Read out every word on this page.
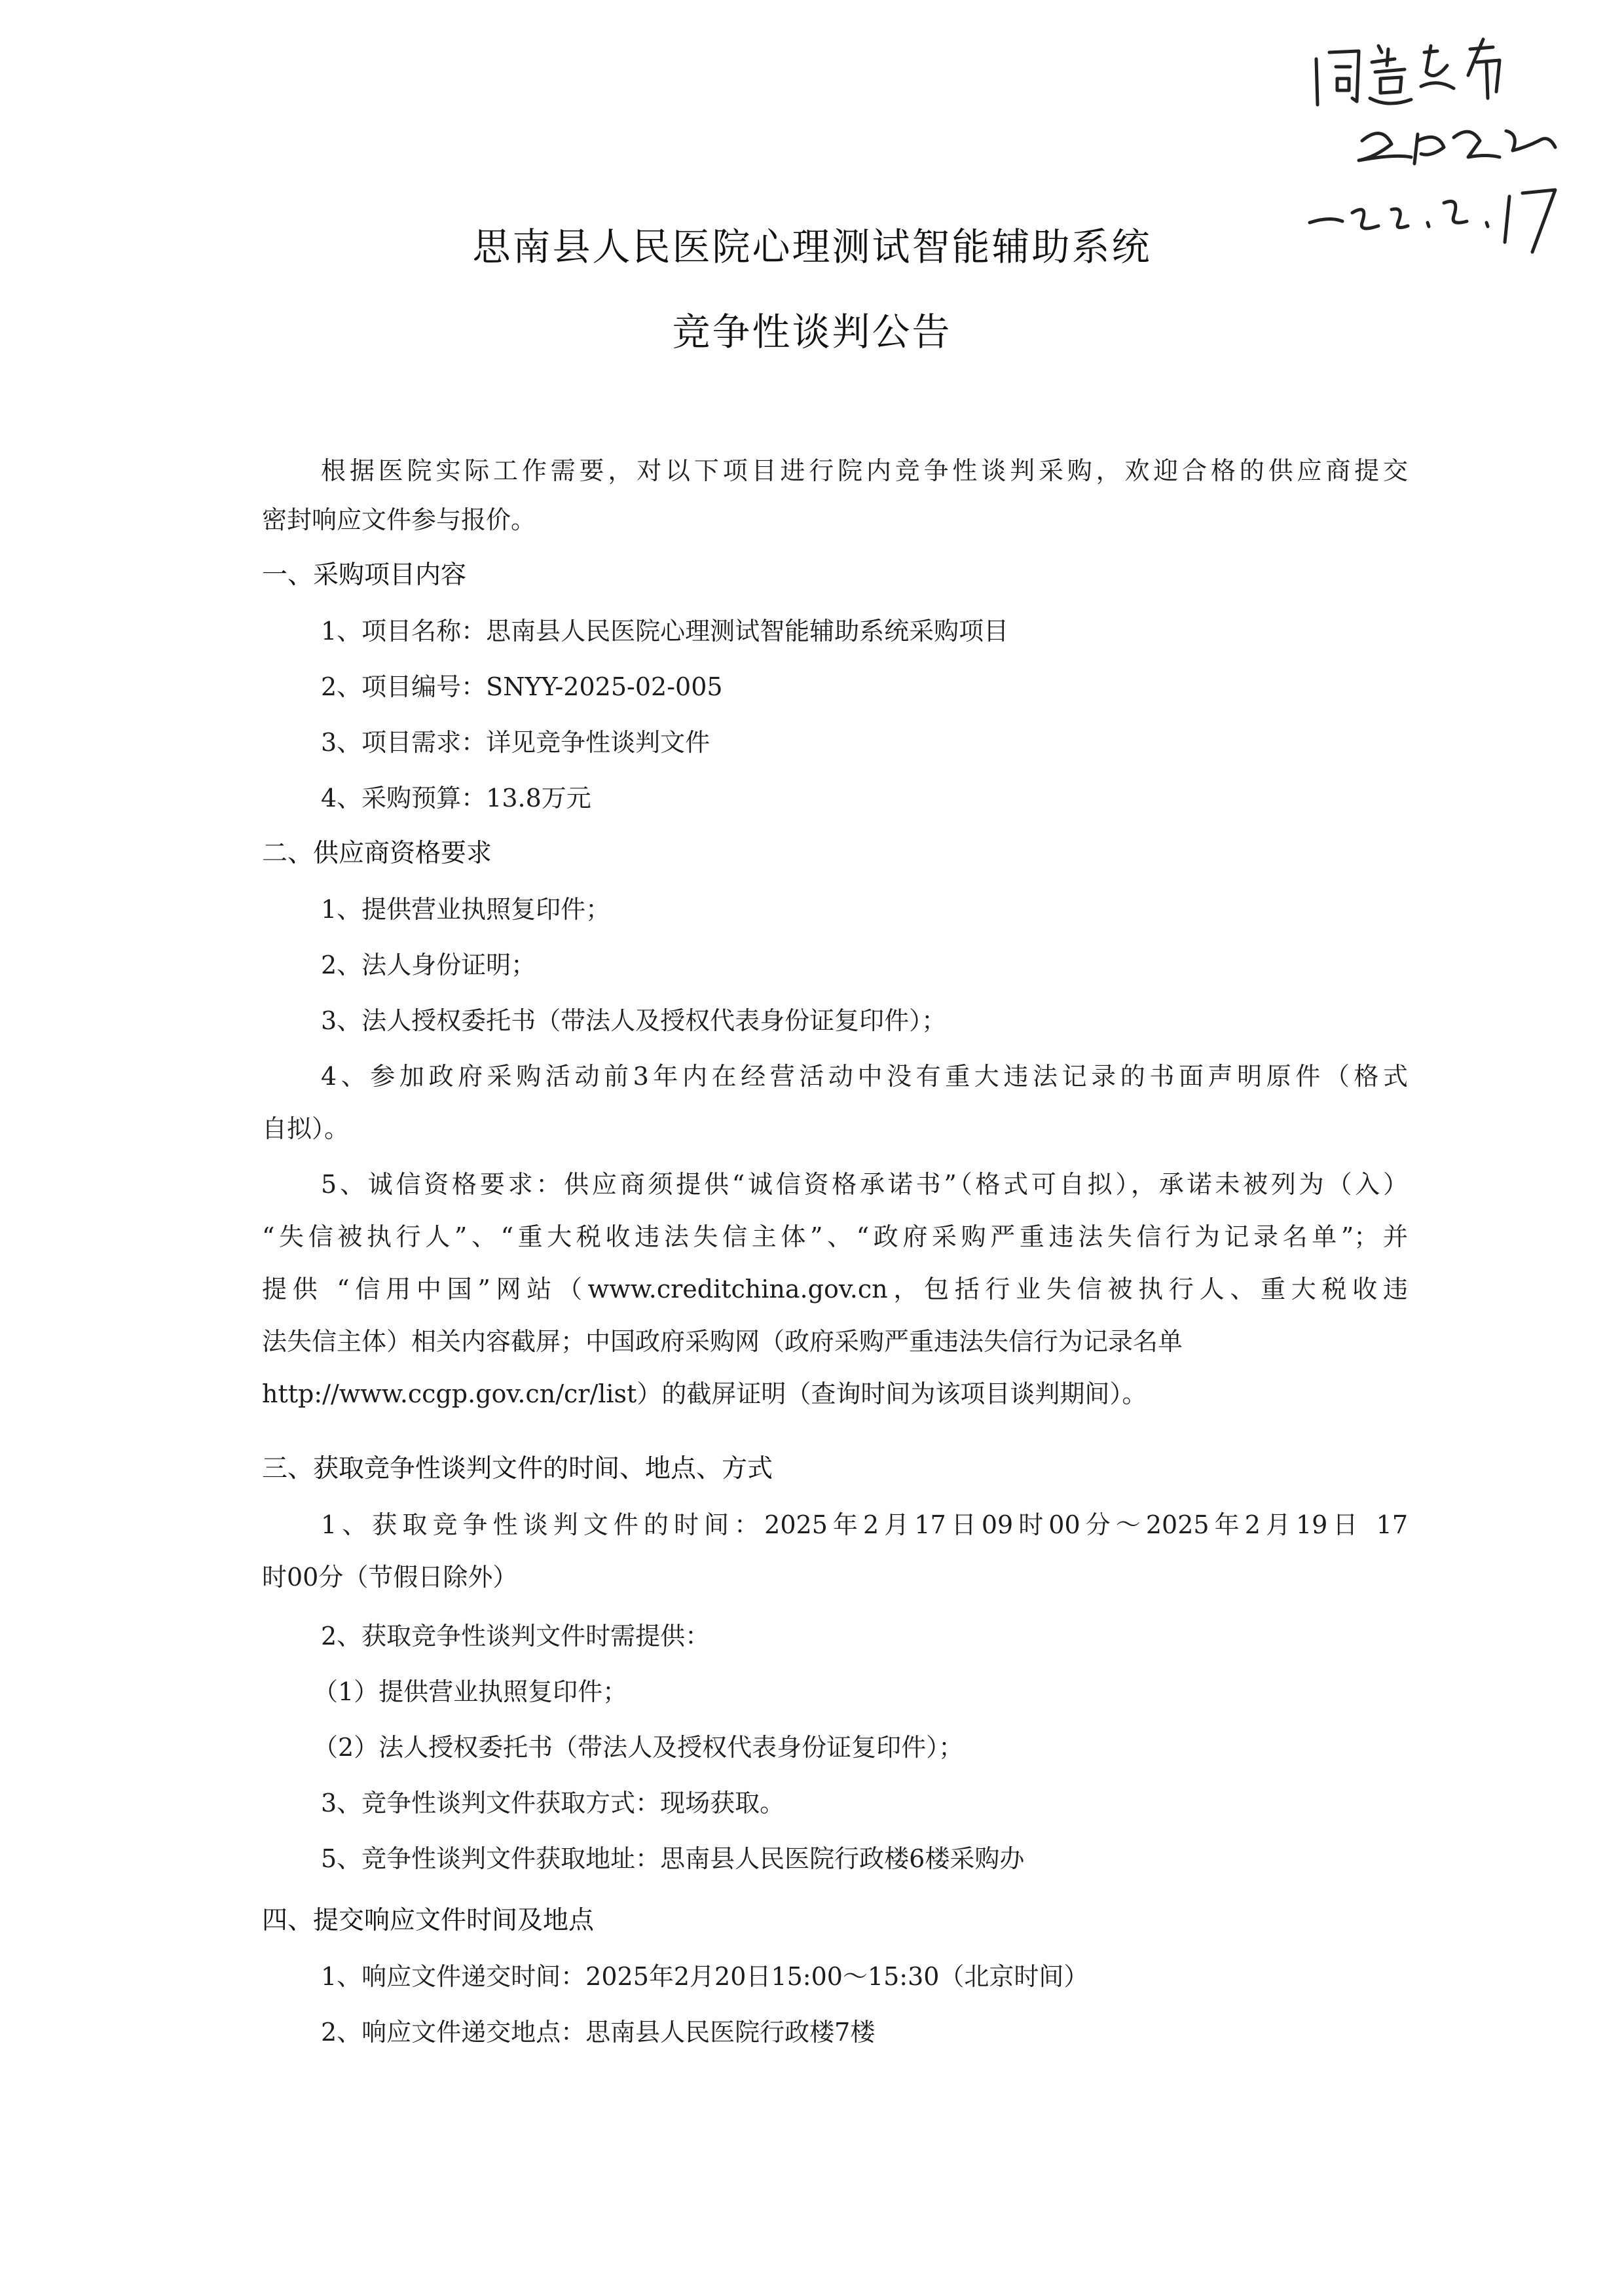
思南县人民医院心理测试智能辅助系统
竞争性谈判公告
根据医院实际工作需要，对以下项目进行院内竞争性谈判采购，欢迎合格的供应商提交
密封响应文件参与报价。
一、采购项目内容
1、项目名称：思南县人民医院心理测试智能辅助系统采购项目
2、项目编号：SNYY-2025-02-005
3、项目需求：详见竞争性谈判文件
4、采购预算：13.8万元
二、供应商资格要求
1、提供营业执照复印件；
2、法人身份证明；
3、法人授权委托书（带法人及授权代表身份证复印件）；
4、参加政府采购活动前3年内在经营活动中没有重大违法记录的书面声明原件（格式
自拟）。
5、诚信资格要求：供应商须提供“诚信资格承诺书”（格式可自拟），承诺未被列为（入）
“失信被执行人”、“重大税收违法失信主体”、“政府采购严重违法失信行为记录名单”；并
提供 “信用中国”网站（www.creditchina.gov.cn，包括行业失信被执行人、重大税收违
法失信主体）相关内容截屏；中国政府采购网（政府采购严重违法失信行为记录名单
http://www.ccgp.gov.cn/cr/list）的截屏证明（查询时间为该项目谈判期间）。
三、获取竞争性谈判文件的时间、地点、方式
1、获取竞争性谈判文件的时间：2025年2月17日09时00分～2025年2月19日 17
时00分（节假日除外）
2、获取竞争性谈判文件时需提供：
（1）提供营业执照复印件；
（2）法人授权委托书（带法人及授权代表身份证复印件）；
3、竞争性谈判文件获取方式：现场获取。
5、竞争性谈判文件获取地址：思南县人民医院行政楼6楼采购办
四、提交响应文件时间及地点
1、响应文件递交时间：2025年2月20日15:00～15:30（北京时间）
2、响应文件递交地点：思南县人民医院行政楼7楼
